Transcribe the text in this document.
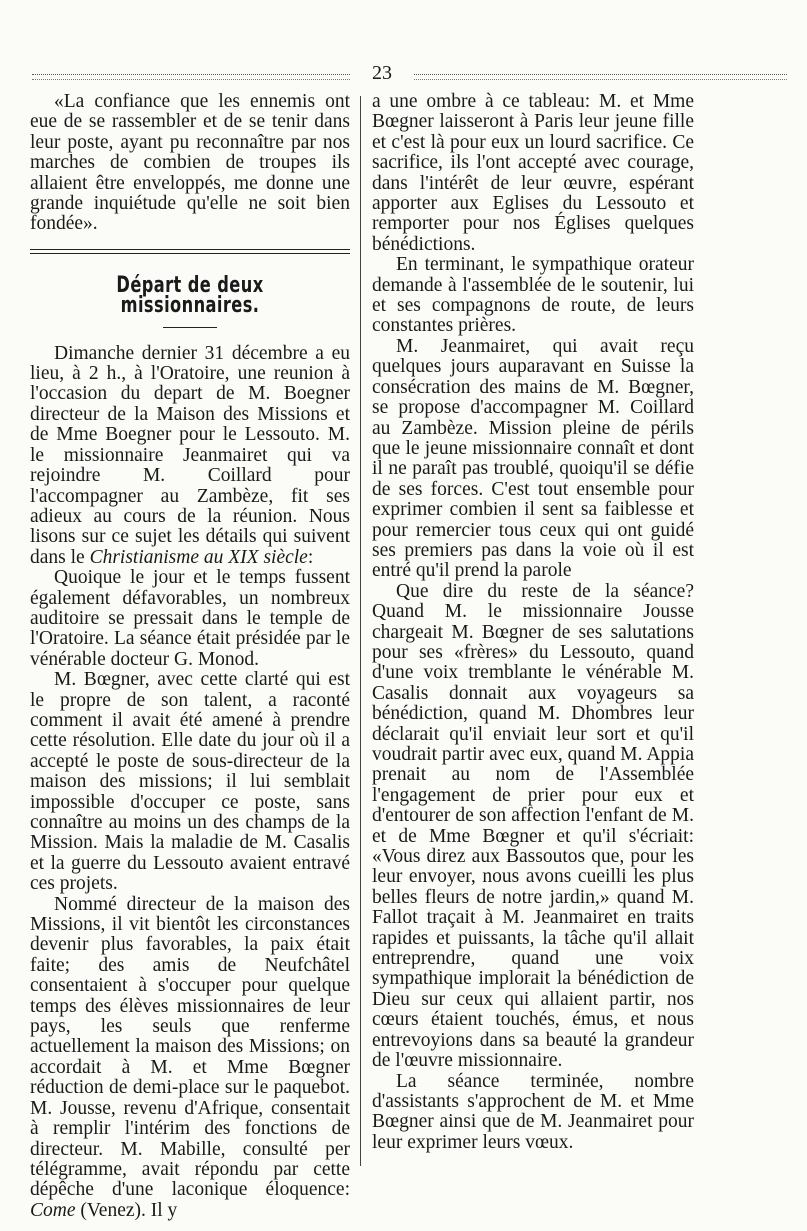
23

«La confiance que les ennemis ont eue de se rassembler et de se tenir dans leur poste, ayant pu reconnaître par nos marches de combien de troupes ils allaient être enveloppés, me donne une grande inquiétude qu'elle ne soit bien fondée».

Départ de deux missionnaires.

Dimanche dernier 31 décembre a eu lieu, à 2 h., à l'Oratoire, une reunion à l'occasion du depart de M. Boegner directeur de la Maison des Missions et de Mme Boegner pour le Lessouto. M. le missionnaire Jeanmairet qui va rejoindre M. Coillard pour l'accompagner au Zambèze, fit ses adieux au cours de la réunion. Nous lisons sur ce sujet les détails qui suivent dans le Christianisme au XIX siècle:

Quoique le jour et le temps fussent également défavorables, un nombreux auditoire se pressait dans le temple de l'Oratoire. La séance était présidée par le vénérable docteur G. Monod.

M. Bœgner, avec cette clarté qui est le propre de son talent, a raconté comment il avait été amené à prendre cette résolution. Elle date du jour où il a accepté le poste de sous-directeur de la maison des missions; il lui semblait impossible d'occuper ce poste, sans connaître au moins un des champs de la Mission. Mais la maladie de M. Casalis et la guerre du Lessouto avaient entravé ces projets.

Nommé directeur de la maison des Missions, il vit bientôt les circonstances devenir plus favorables, la paix était faite; des amis de Neufchâtel consentaient à s'occuper pour quelque temps des élèves missionnaires de leur pays, les seuls que renferme actuellement la maison des Missions; on accordait à M. et Mme Bœgner réduction de demi-place sur le paquebot. M. Jousse, revenu d'Afrique, consentait à remplir l'intérim des fonctions de directeur. M. Mabille, consulté per télégramme, avait répondu par cette dépêche d'une laconique éloquence: Come (Venez). Il y

a une ombre à ce tableau: M. et Mme Bœgner laisseront à Paris leur jeune fille et c'est là pour eux un lourd sacrifice. Ce sacrifice, ils l'ont accepté avec courage, dans l'intérêt de leur œuvre, espérant apporter aux Eglises du Lessouto et remporter pour nos Églises quelques bénédictions.

En terminant, le sympathique orateur demande à l'assemblée de le soutenir, lui et ses compagnons de route, de leurs constantes prières.

M. Jeanmairet, qui avait reçu quelques jours auparavant en Suisse la consécration des mains de M. Bœgner, se propose d'accompagner M. Coillard au Zambèze. Mission pleine de périls que le jeune missionnaire connaît et dont il ne paraît pas troublé, quoiqu'il se défie de ses forces. C'est tout ensemble pour exprimer combien il sent sa faiblesse et pour remercier tous ceux qui ont guidé ses premiers pas dans la voie où il est entré qu'il prend la parole

Que dire du reste de la séance? Quand M. le missionnaire Jousse chargeait M. Bœgner de ses salutations pour ses «frères» du Lessouto, quand d'une voix tremblante le vénérable M. Casalis donnait aux voyageurs sa bénédiction, quand M. Dhombres leur déclarait qu'il enviait leur sort et qu'il voudrait partir avec eux, quand M. Appia prenait au nom de l'Assemblée l'engagement de prier pour eux et d'entourer de son affection l'enfant de M. et de Mme Bœgner et qu'il s'écriait: «Vous direz aux Bassoutos que, pour les leur envoyer, nous avons cueilli les plus belles fleurs de notre jardin,» quand M. Fallot traçait à M. Jeanmairet en traits rapides et puissants, la tâche qu'il allait entreprendre, quand une voix sympathique implorait la bénédiction de Dieu sur ceux qui allaient partir, nos cœurs étaient touchés, émus, et nous entrevoyions dans sa beauté la grandeur de l'œuvre missionnaire.

La séance terminée, nombre d'assistants s'approchent de M. et Mme Bœgner ainsi que de M. Jeanmairet pour leur exprimer leurs vœux.
